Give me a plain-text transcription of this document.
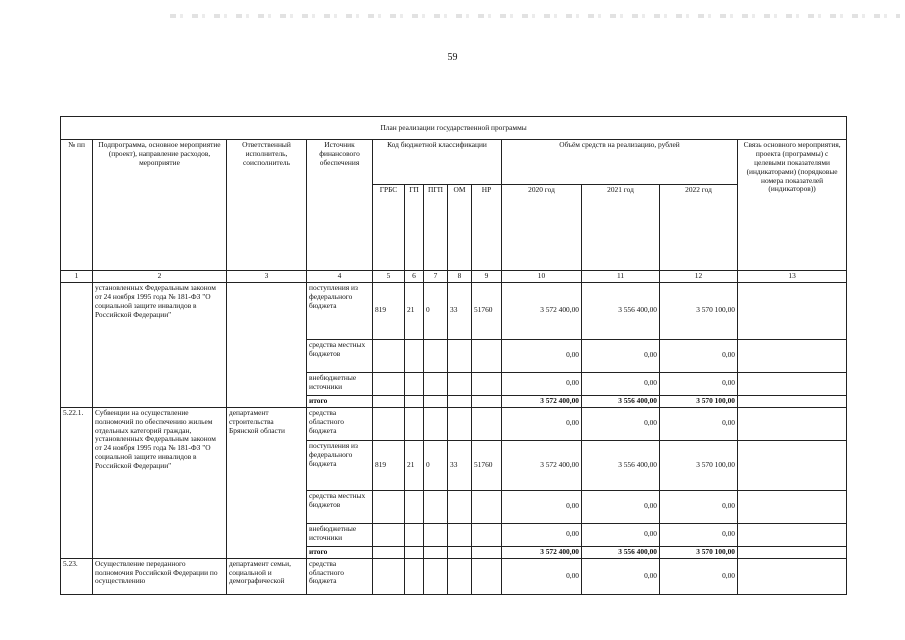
59
План реализации государственной программы												
№ пп	Подпрограмма, основное мероприятие (проект), направление расходов, мероприятие	Ответственный исполнитель, соисполнитель	Источник финансового обеспечения	Код бюджетной классификации					Объём средств на реализацию, рублей			Связь основного мероприятия, проекта (программы) с целевыми показателями (индикаторами) (порядковые номера показателей (индикаторов))
				ГРБС	ГП	ПГП	ОМ	НР	2020 год	2021 год	2022 год	
1	2	3	4	5	6	7	8	9	10	11	12	13
	установленных Федеральным законом от 24 ноября 1995 года № 181-ФЗ "О социальной защите инвалидов в Российской Федерации"		поступления из федерального бюджета	819	21	0	33	51760	3 572 400,00	3 556 400,00	3 570 100,00	
			средства местных бюджетов						0,00	0,00	0,00	
			внебюджетные источники						0,00	0,00	0,00	
			итого						3 572 400,00	3 556 400,00	3 570 100,00	
5.22.1.	Субвенции на осуществление полномочий по обеспечению жильем отдельных категорий граждан, установленных Федеральным законом от 24 ноября 1995 года № 181-ФЗ "О социальной защите инвалидов в Российской Федерации"	департамент строительства Брянской области	средства областного бюджета						0,00	0,00	0,00	
			поступления из федерального бюджета	819	21	0	33	51760	3 572 400,00	3 556 400,00	3 570 100,00	
			средства местных бюджетов						0,00	0,00	0,00	
			внебюджетные источники						0,00	0,00	0,00	
			итого						3 572 400,00	3 556 400,00	3 570 100,00	
5.23.	Осуществление переданного полномочия Российской Федерации по осуществлению	департамент семьи, социальной и демографической	средства областного бюджета						0,00	0,00	0,00	
